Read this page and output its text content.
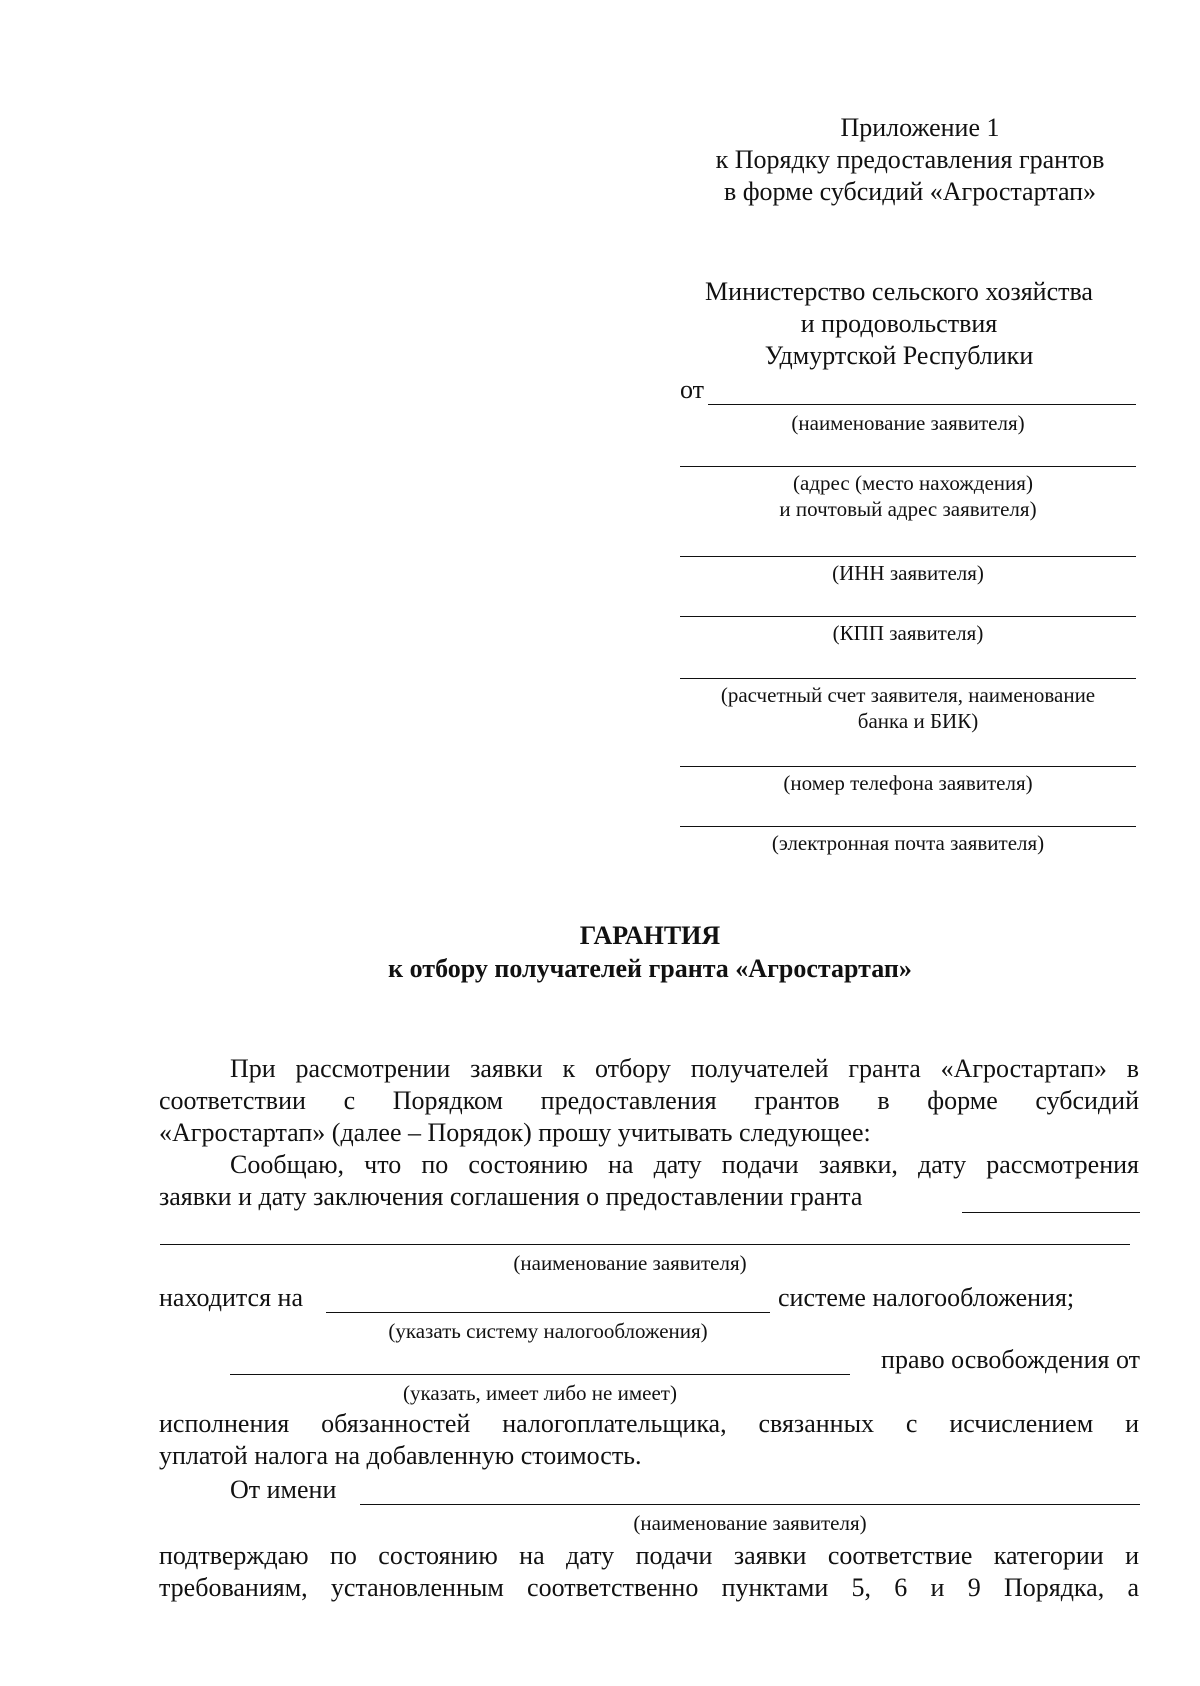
Приложение 1
к Порядку предоставления грантов
в форме субсидий «Агростартап»
Министерство сельского хозяйства
и продовольствия
Удмуртской Республики
от
(наименование заявителя)
(адрес (место нахождения)
и почтовый адрес заявителя)
(ИНН заявителя)
(КПП заявителя)
(расчетный счет заявителя, наименование
банка и БИК)
(номер телефона заявителя)
(электронная почта заявителя)
ГАРАНТИЯ
к отбору получателей гранта «Агростартап»
При рассмотрении заявки к отбору получателей гранта «Агростартап» в
соответствии с Порядком предоставления грантов в форме субсидий
«Агростартап» (далее – Порядок) прошу учитывать следующее:
Сообщаю, что по состоянию на дату подачи заявки, дату рассмотрения
заявки и дату заключения соглашения о предоставлении гранта
(наименование заявителя)
находится на	системе налогообложения;
(указать систему налогообложения)
право освобождения от
(указать, имеет либо не имеет)
исполнения обязанностей налогоплательщика, связанных с исчислением и
уплатой налога на добавленную стоимость.
От имени
(наименование заявителя)
подтверждаю по состоянию на дату подачи заявки соответствие категории и
требованиям, установленным соответственно пунктами 5, 6 и 9 Порядка, а
